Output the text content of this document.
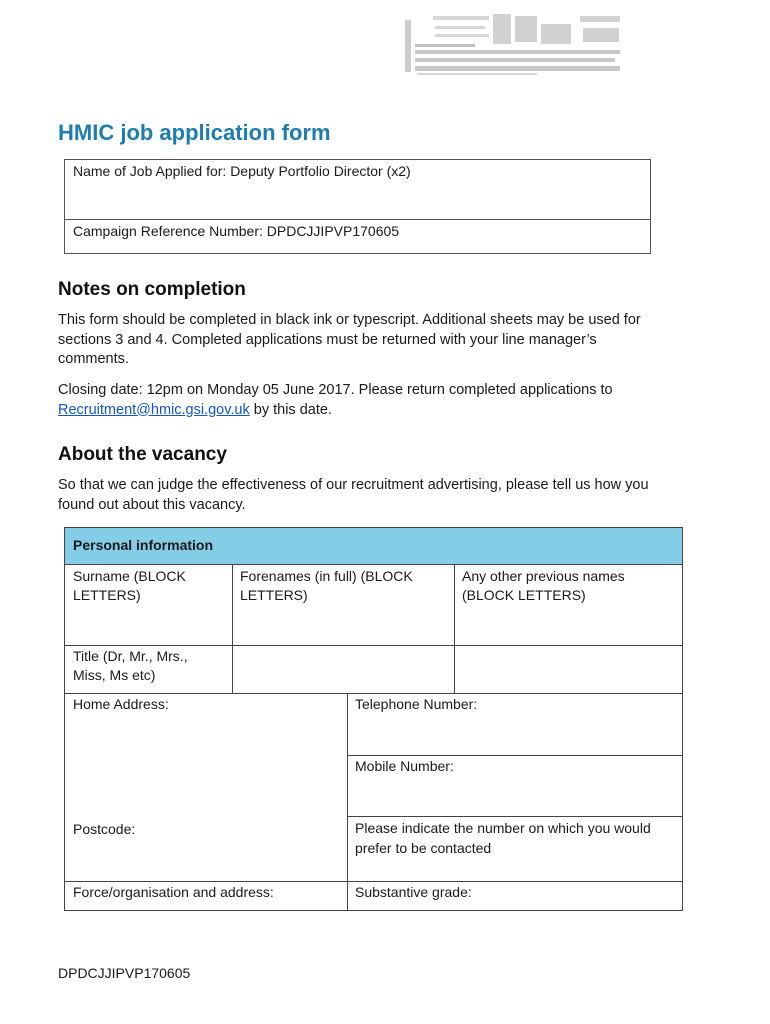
HMIC job application form
Name of Job Applied for: Deputy Portfolio Director (x2)
Campaign Reference Number: DPDCJJIPVP170605
Notes on completion

This form should be completed in black ink or typescript. Additional sheets may be used for sections 3 and 4. Completed applications must be returned with your line manager’s comments.

Closing date: 12pm on Monday 05 June 2017. Please return completed applications to Recruitment@hmic.gsi.gov.uk by this date.

About the vacancy

So that we can judge the effectiveness of our recruitment advertising, please tell us how you found out about this vacancy.

Personal information
Surname (BLOCK LETTERS)
Forenames (in full) (BLOCK LETTERS)
Any other previous names (BLOCK LETTERS)
Title (Dr, Mr., Mrs., Miss, Ms etc)
Home Address:
Postcode:
Telephone Number:
Mobile Number:
Please indicate the number on which you would prefer to be contacted
Force/organisation and address:	Substantive grade:
DPDCJJIPVP170605
